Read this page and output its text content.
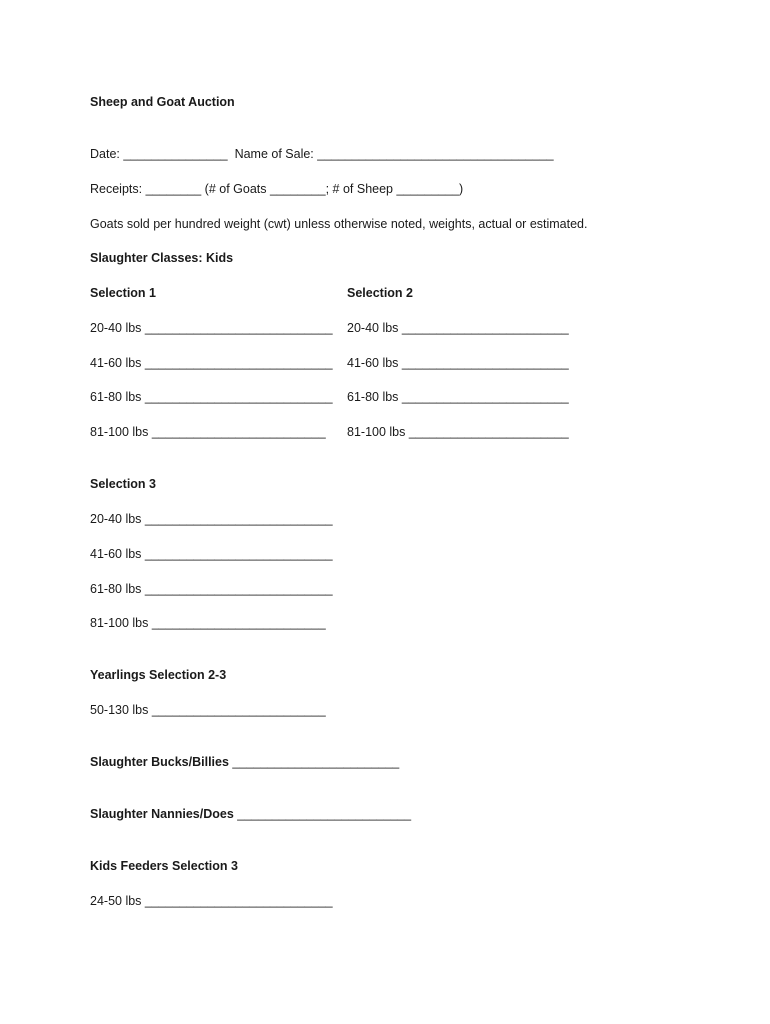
Sheep and Goat Auction
Date: _______________  Name of Sale: __________________________________
Receipts: ________ (# of Goats ________; # of Sheep _________)
Goats sold per hundred weight (cwt) unless otherwise noted, weights, actual or estimated.
Slaughter Classes: Kids
Selection 1
20-40 lbs ___________________________
41-60 lbs ___________________________
61-80 lbs ___________________________
81-100 lbs _________________________
Selection 2
20-40 lbs ________________________
41-60 lbs ________________________
61-80 lbs ________________________
81-100 lbs _______________________
Selection 3
20-40 lbs ___________________________
41-60 lbs ___________________________
61-80 lbs ___________________________
81-100 lbs _________________________
Yearlings Selection 2-3
50-130 lbs _________________________
Slaughter Bucks/Billies ________________________
Slaughter Nannies/Does _________________________
Kids Feeders Selection 3
24-50 lbs ___________________________
